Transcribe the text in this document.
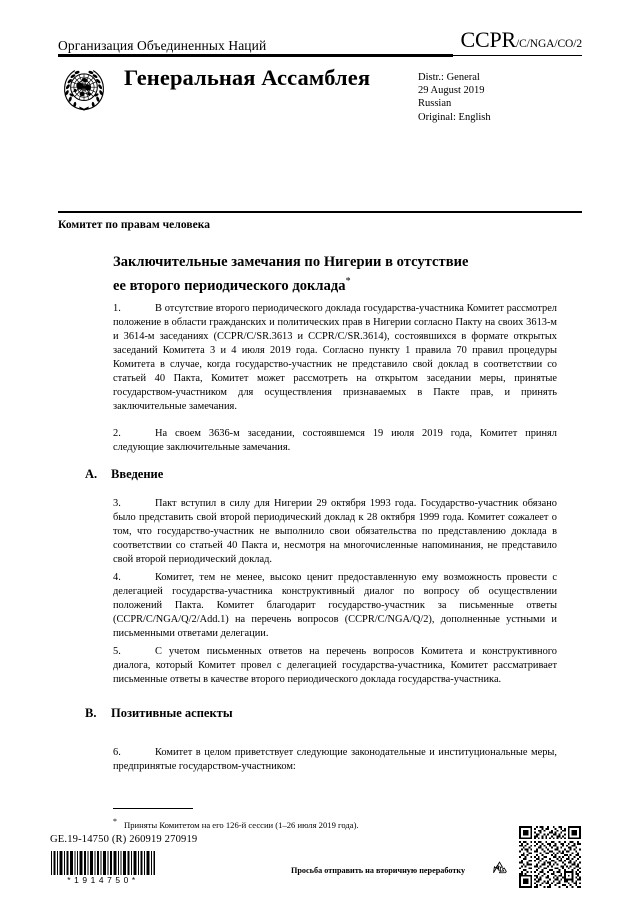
Организация Объединенных Наций	CCPR/C/NGA/CO/2
Генеральная Ассамблея	Distr.: General
29 August 2019
Russian
Original: English
Комитет по правам человека
Заключительные замечания по Нигерии в отсутствие
ее второго периодического доклада*

1.	В отсутствие второго периодического доклада государства-участника Комитет рассмотрел положение в области гражданских и политических прав в Нигерии согласно Пакту на своих 3613-м и 3614-м заседаниях (CCPR/C/SR.3613 и CCPR/C/SR.3614), состоявшихся в формате открытых заседаний Комитета 3 и 4 июля 2019 года. Согласно пункту 1 правила 70 правил процедуры Комитета в случае, когда государство-участник не представило свой доклад в соответствии со статьей 40 Пакта, Комитет может рассмотреть на открытом заседании меры, принятые государством-участником для осуществления признаваемых в Пакте прав, и принять заключительные замечания.

2.	На своем 3636-м заседании, состоявшемся 19 июля 2019 года, Комитет принял следующие заключительные замечания.

A. Введение

3.	Пакт вступил в силу для Нигерии 29 октября 1993 года. Государство-участник обязано было представить свой второй периодический доклад к 28 октября 1999 года. Комитет сожалеет о том, что государство-участник не выполнило свои обязательства по представлению доклада в соответствии со статьей 40 Пакта и, несмотря на многочисленные напоминания, не представило свой второй периодический доклад.

4.	Комитет, тем не менее, высоко ценит предоставленную ему возможность провести с делегацией государства-участника конструктивный диалог по вопросу об осуществлении положений Пакта. Комитет благодарит государство-участник за письменные ответы (CCPR/C/NGA/Q/2/Add.1) на перечень вопросов (CCPR/C/NGA/Q/2), дополненные устными и письменными ответами делегации.

5.	С учетом письменных ответов на перечень вопросов Комитета и конструктивного диалога, который Комитет провел с делегацией государства-участника, Комитет рассматривает письменные ответы в качестве второго периодического доклада государства-участника.

B. Позитивные аспекты

6.	Комитет в целом приветствует следующие законодательные и институциональные меры, предпринятые государством-участником:

* Приняты Комитетом на его 126-й сессии (1–26 июля 2019 года).
GE.19-14750 (R) 260919 270919
*1914750*
Просьба отправить на вторичную переработку
